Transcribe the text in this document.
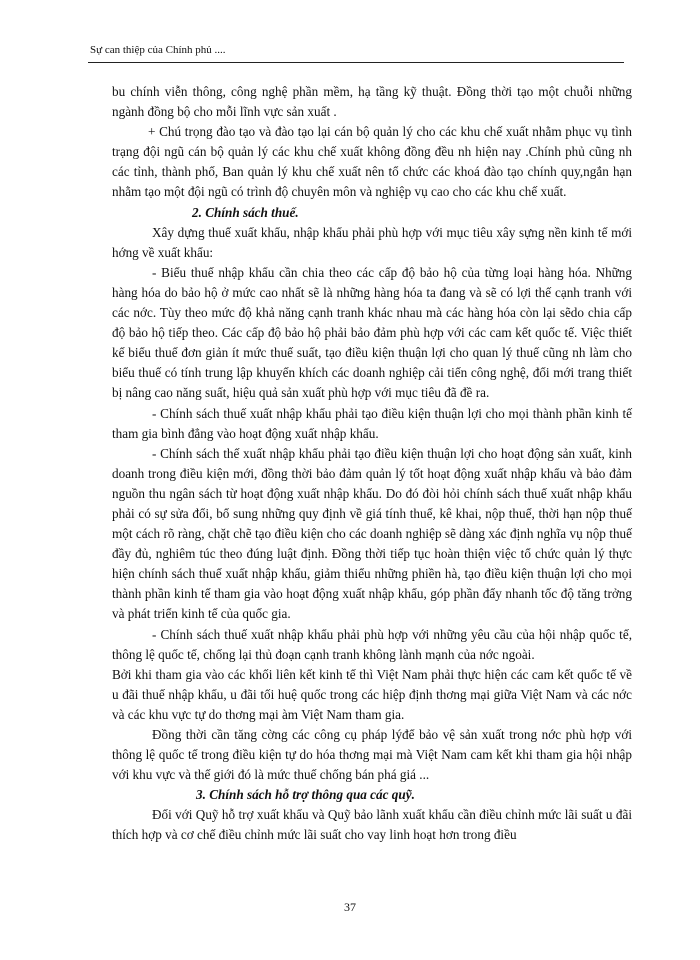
Sự can thiệp của Chính phủ ....

bu chính viễn thông, công nghệ phần mềm, hạ tầng kỹ thuật. Đồng thời tạo một chuỗi những ngành đồng bộ cho mỗi lĩnh vực sản xuất .

+ Chú trọng đào tạo và đào tạo lại cán bộ quản lý cho các khu chế xuất nhằm phục vụ tình trạng đội ngũ cán bộ quản lý các khu chế xuất không đồng đều nh hiện nay .Chính phủ cũng nh các tỉnh, thành phố, Ban quản lý khu chế xuất nên tổ chức các khoá đào tạo chính quy,ngắn hạn nhằm tạo một đội ngũ có trình độ chuyên môn và nghiệp vụ cao cho các khu chế xuất.

2. Chính sách thuế.

Xây dựng thuế xuất khẩu, nhập khẩu phải phù hợp với mục tiêu xây sựng nền kinh tế mới hớng về xuất khẩu:

- Biểu thuế nhập khẩu cần chia theo các cấp độ bảo hộ của từng loại hàng hóa. Những hàng hóa do bảo hộ ở mức cao nhất sẽ là những hàng hóa ta đang và sẽ có lợi thế cạnh tranh với các nớc. Tùy theo mức độ khả năng cạnh tranh khác nhau mà các hàng hóa còn lại sẽdo chia cấp độ bảo hộ tiếp theo. Các cấp độ bảo hộ phải bảo đảm phù hợp với các cam kết quốc tế. Việc thiết kế biểu thuế đơn giản ít mức thuế suất, tạo điều kiện thuận lợi cho quan lý thuế cũng nh làm cho biểu thuế có tính trung lập khuyến khích các doanh nghiệp cải tiến công nghệ, đổi mới trang thiết bị nâng cao năng suất, hiệu quả sản xuất phù hợp với mục tiêu đã đề ra.

- Chính sách thuế xuất nhập khẩu phải tạo điều kiện thuận lợi cho mọi thành phần kinh tế tham gia bình đẳng vào hoạt động xuất nhập khẩu.

- Chính sách thế xuất nhập khẩu phải tạo điều kiện thuận lợi cho hoạt động sản xuất, kinh doanh trong điều kiện mới, đồng thời bảo đảm quản lý tốt hoạt động xuất nhập khẩu và bảo đảm nguồn thu ngân sách từ hoạt động xuất nhập khẩu. Do đó đòi hỏi chính sách thuế xuất nhập khẩu phải có sự sửa đổi, bổ sung những quy định về giá tính thuế, kê khai, nộp thuế, thời hạn nộp thuế một cách rõ ràng, chặt chẽ tạo điều kiện cho các doanh nghiệp sẽ dàng xác định nghĩa vụ nộp thuế đầy đủ, nghiêm túc theo đúng luật định. Đồng thời tiếp tục hoàn thiện việc tổ chức quản lý thực hiện chính sách thuế xuất nhập khẩu, giảm thiểu những phiền hà, tạo điều kiện thuận lợi cho mọi thành phần kinh tế tham gia vào hoạt động xuất nhập khẩu, góp phần đẩy nhanh tốc độ tăng trởng và phát triển kinh tế của quốc gia.

- Chính sách thuế xuất nhập khẩu phải phù hợp với những yêu cầu của hội nhập quốc tế, thông lệ quốc tế, chống lại thủ đoạn cạnh tranh không lành mạnh của nớc ngoài.

Bởi khi tham gia vào các khối liên kết kinh tế thì Việt Nam phải thực hiện các cam kết quốc tế về u đãi thuế nhập khẩu, u đãi tối huệ quốc trong các hiệp định thơng mại giữa Việt Nam và các nớc và các khu vực tự do thơng mại àm Việt Nam tham gia.

Đồng thời cần tăng cờng các công cụ pháp lýđể bảo vệ sản xuất trong nớc phù hợp với thông lệ quốc tế trong điều kiện tự do hóa thơng mại mà Việt Nam cam kết khi tham gia hội nhập với khu vực và thế giới đó là mức thuế chống bán phá giá ...

3. Chính sách hỗ trợ thông qua các quỹ.

Đối với Quỹ hỗ trợ xuất khẩu và Quỹ bảo lãnh xuất khẩu cần điều chỉnh mức lãi suất u đãi thích hợp và cơ chế điều chỉnh mức lãi suất cho vay linh hoạt hơn trong điều

37
